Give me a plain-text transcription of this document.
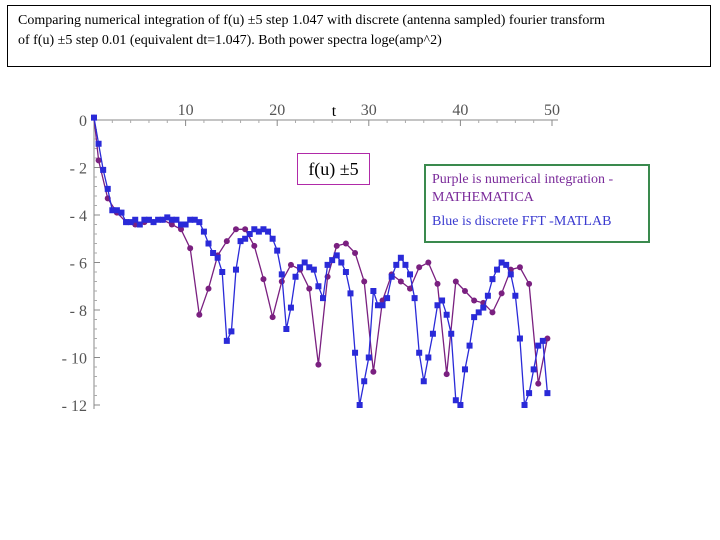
Comparing numerical integration of f(u) ±5 step 1.047 with discrete (antenna sampled) fourier transform
of f(u) ±5 step 0.01 (equivalent dt=1.047). Both power spectra loge(amp^2)
0
- 2
- 4
- 6
- 8
- 10
- 12
10	20	30	40	50
t
f(u) ±5
Purple is numerical integration - MATHEMATICA
Blue is discrete FFT -MATLAB
